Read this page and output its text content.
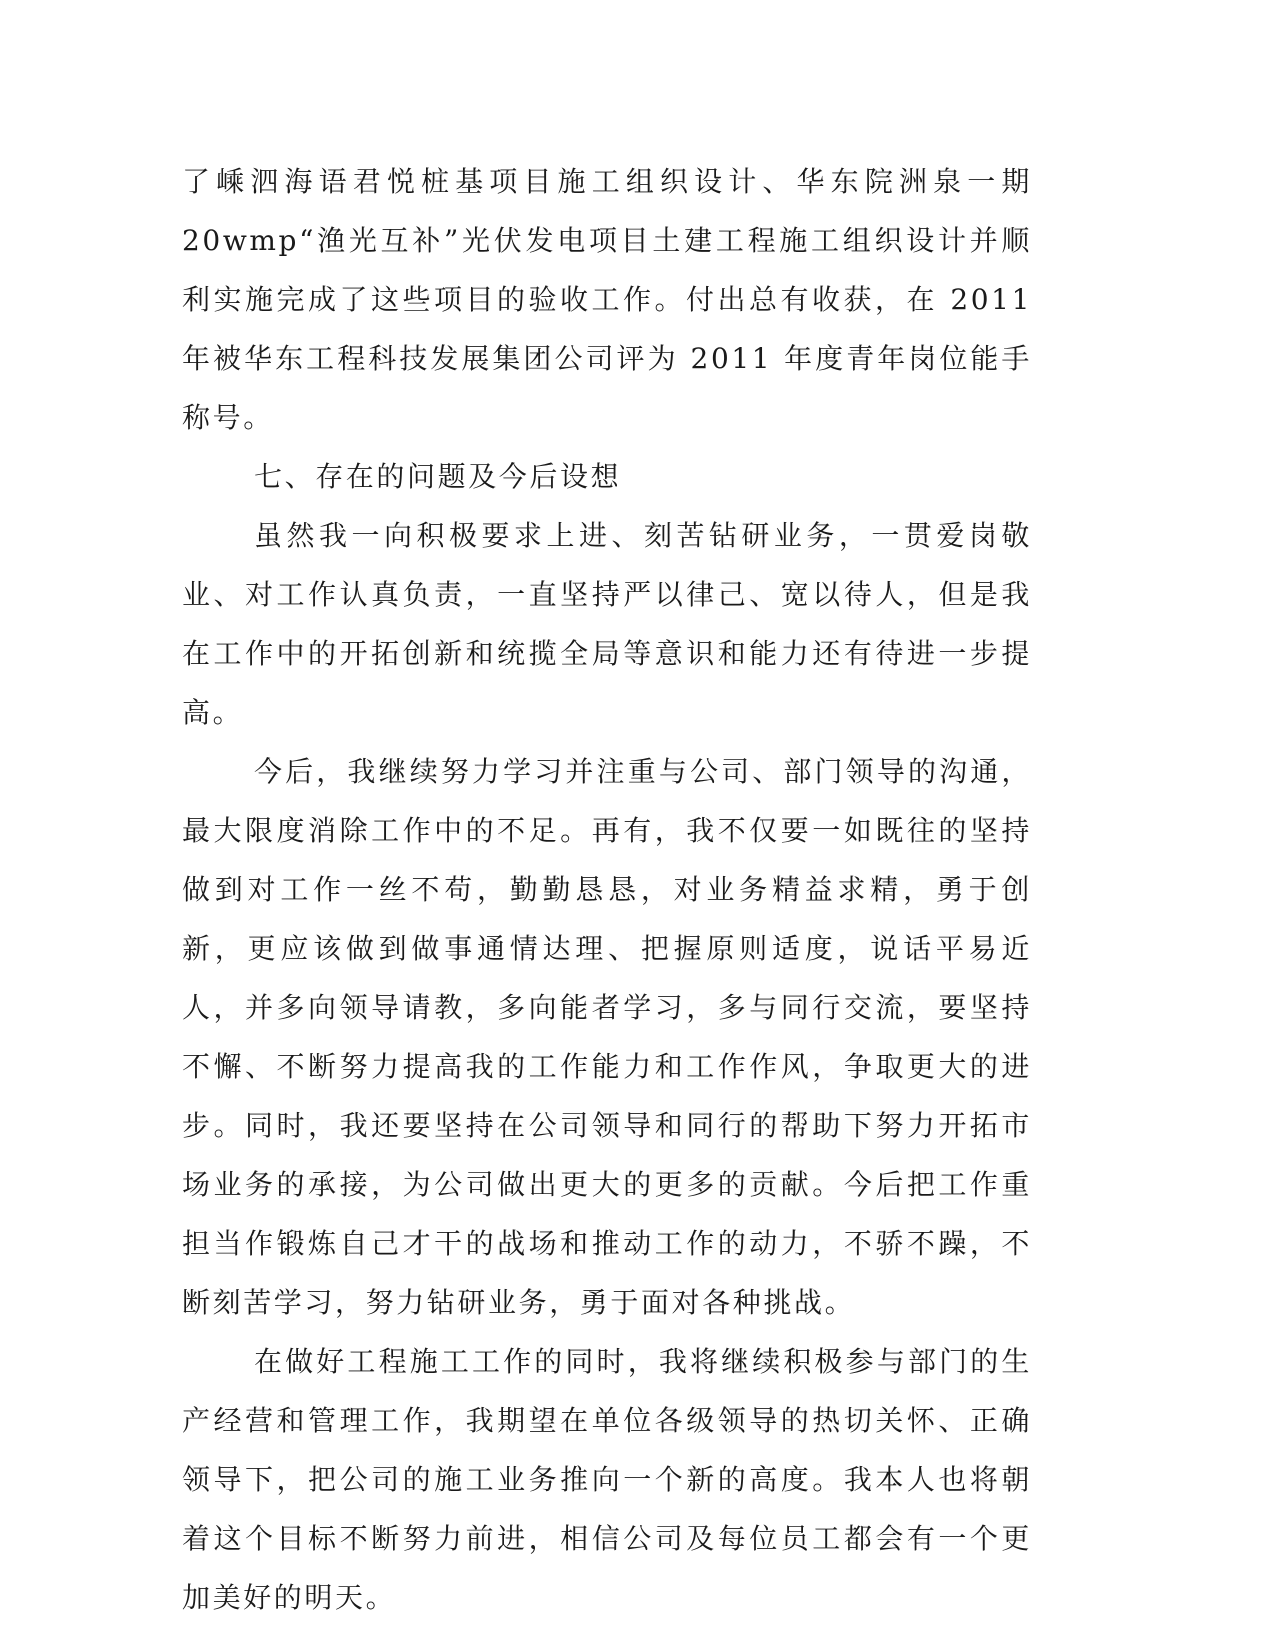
了嵊泗海语君悦桩基项目施工组织设计、华东院洲泉一期 20wmp“渔光互补”光伏发电项目土建工程施工组织设计并顺利实施完成了这些项目的验收工作。付出总有收获，在 2011 年被华东工程科技发展集团公司评为 2011 年度青年岗位能手称号。

七、存在的问题及今后设想

虽然我一向积极要求上进、刻苦钻研业务，一贯爱岗敬业、对工作认真负责，一直坚持严以律己、宽以待人，但是我在工作中的开拓创新和统揽全局等意识和能力还有待进一步提高。

今后，我继续努力学习并注重与公司、部门领导的沟通，最大限度消除工作中的不足。再有，我不仅要一如既往的坚持做到对工作一丝不苟，勤勤恳恳，对业务精益求精，勇于创新，更应该做到做事通情达理、把握原则适度，说话平易近人，并多向领导请教，多向能者学习，多与同行交流，要坚持不懈、不断努力提高我的工作能力和工作作风，争取更大的进步。同时，我还要坚持在公司领导和同行的帮助下努力开拓市场业务的承接，为公司做出更大的更多的贡献。今后把工作重担当作锻炼自己才干的战场和推动工作的动力，不骄不躁，不断刻苦学习，努力钻研业务，勇于面对各种挑战。

在做好工程施工工作的同时，我将继续积极参与部门的生产经营和管理工作，我期望在单位各级领导的热切关怀、正确领导下，把公司的施工业务推向一个新的高度。我本人也将朝着这个目标不断努力前进，相信公司及每位员工都会有一个更加美好的明天。
